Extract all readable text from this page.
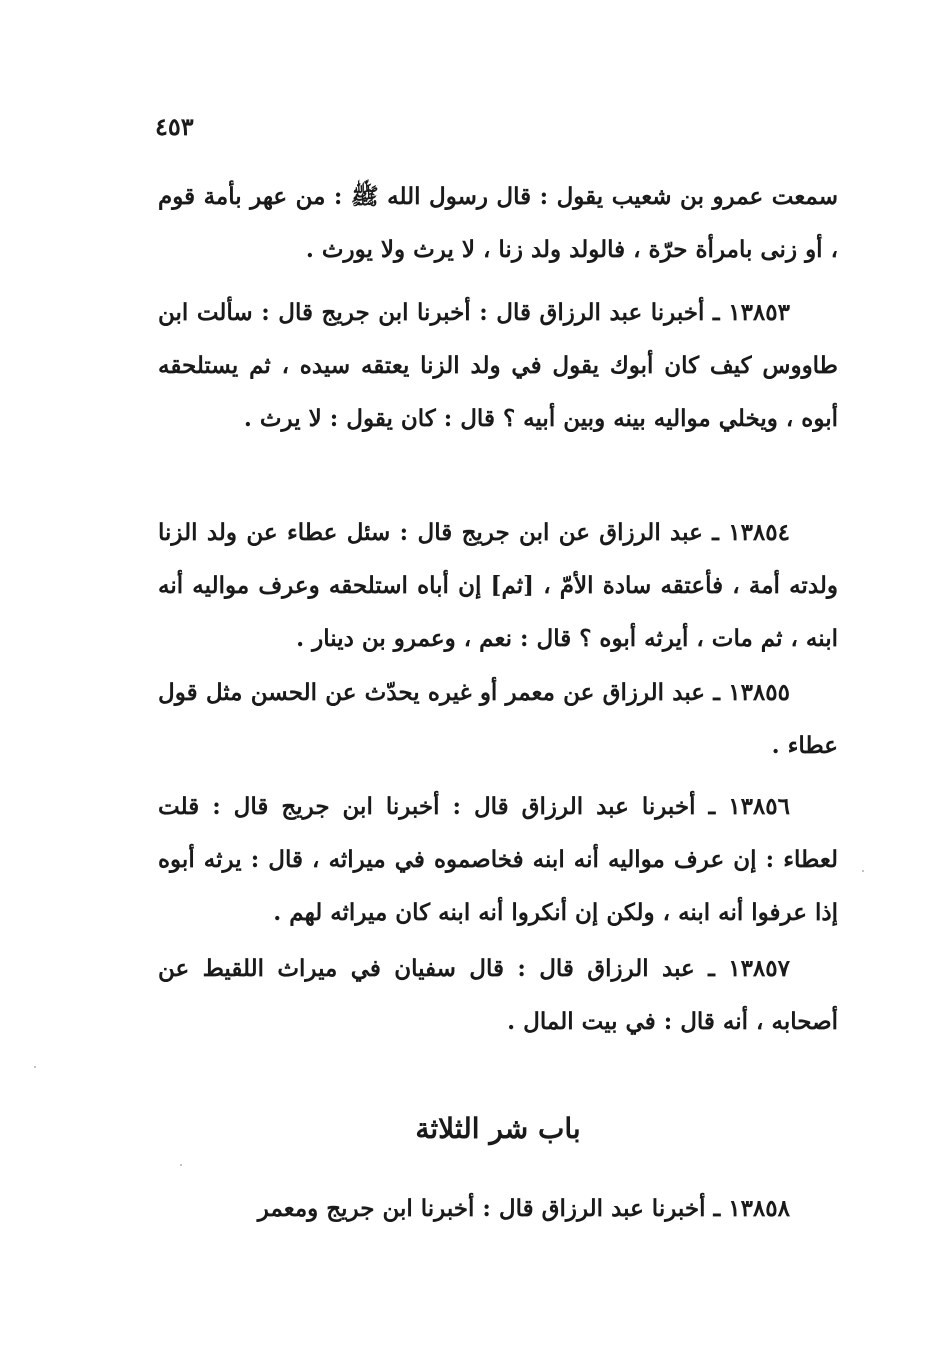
٤٥٣

سمعت عمرو بن شعيب يقول : قال رسول الله ﷺ : من عهر بأمة قوم ، أو زنى بامرأة حرّة ، فالولد ولد زنا ، لا يرث ولا يورث .

١٣٨٥٣ ـ أخبرنا عبد الرزاق قال : أخبرنا ابن جريج قال : سألت ابن طاووس كيف كان أبوك يقول في ولد الزنا يعتقه سيده ، ثم يستلحقه أبوه ، ويخلي مواليه بينه وبين أبيه ؟ قال : كان يقول : لا يرث .

١٣٨٥٤ ـ عبد الرزاق عن ابن جريج قال : سئل عطاء عن ولد الزنا ولدته أمة ، فأعتقه سادة الأمّ ، [ثم] إن أباه استلحقه وعرف مواليه أنه ابنه ، ثم مات ، أيرثه أبوه ؟ قال : نعم ، وعمرو بن دينار .

١٣٨٥٥ ـ عبد الرزاق عن معمر أو غيره يحدّث عن الحسن مثل قول عطاء .

١٣٨٥٦ ـ أخبرنا عبد الرزاق قال : أخبرنا ابن جريج قال : قلت لعطاء : إن عرف مواليه أنه ابنه فخاصموه في ميراثه ، قال : يرثه أبوه إذا عرفوا أنه ابنه ، ولكن إن أنكروا أنه ابنه كان ميراثه لهم .

١٣٨٥٧ ـ عبد الرزاق قال : قال سفيان في ميراث اللقيط عن أصحابه ، أنه قال : في بيت المال .

باب شر الثلاثة

١٣٨٥٨ ـ أخبرنا عبد الرزاق قال : أخبرنا ابن جريج ومعمر
